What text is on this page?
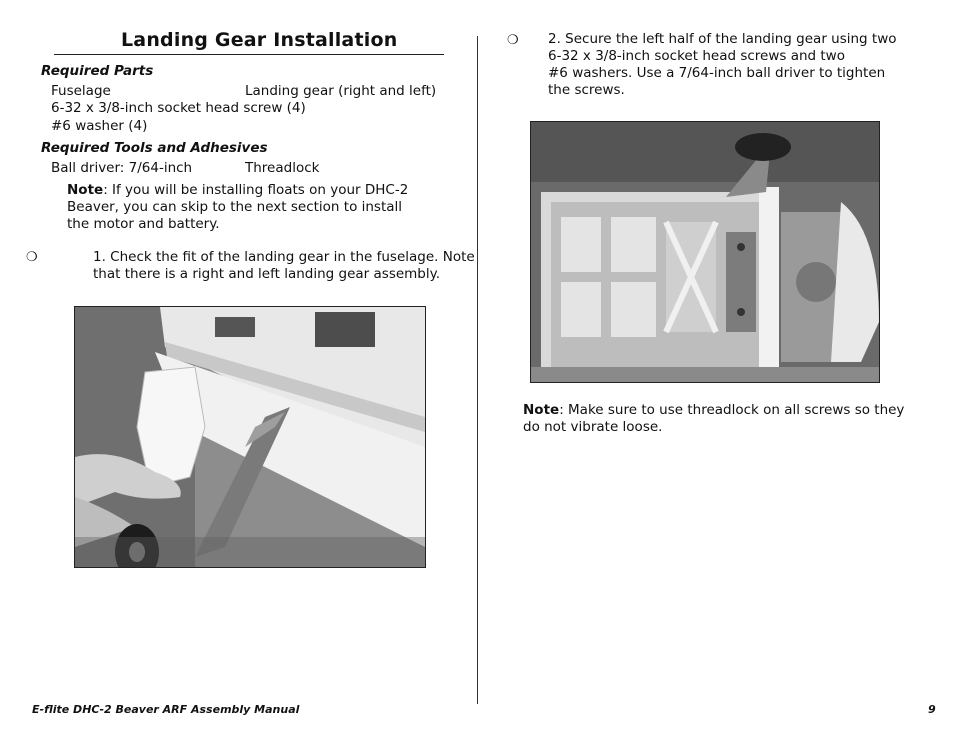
Landing Gear Installation
Required Parts
Fuselage	Landing gear (right and left)
6-32 x 3/8-inch socket head screw (4)
#6 washer (4)
Required Tools and Adhesives
Ball driver: 7/64-inch	Threadlock
Note: If you will be installing floats on your DHC-2
Beaver, you can skip to the next section to install
the motor and battery.
❍	1. Check the fit of the landing gear in the fuselage. Note
that there is a right and left landing gear assembly.
❍ 2. Secure the left half of the landing gear using two
6-32 x 3/8-inch socket head screws and two
#6 washers. Use a 7/64-inch ball driver to tighten
the screws.
Note: Make sure to use threadlock on all screws so they
do not vibrate loose.
E-flite DHC-2 Beaver ARF Assembly Manual	9
